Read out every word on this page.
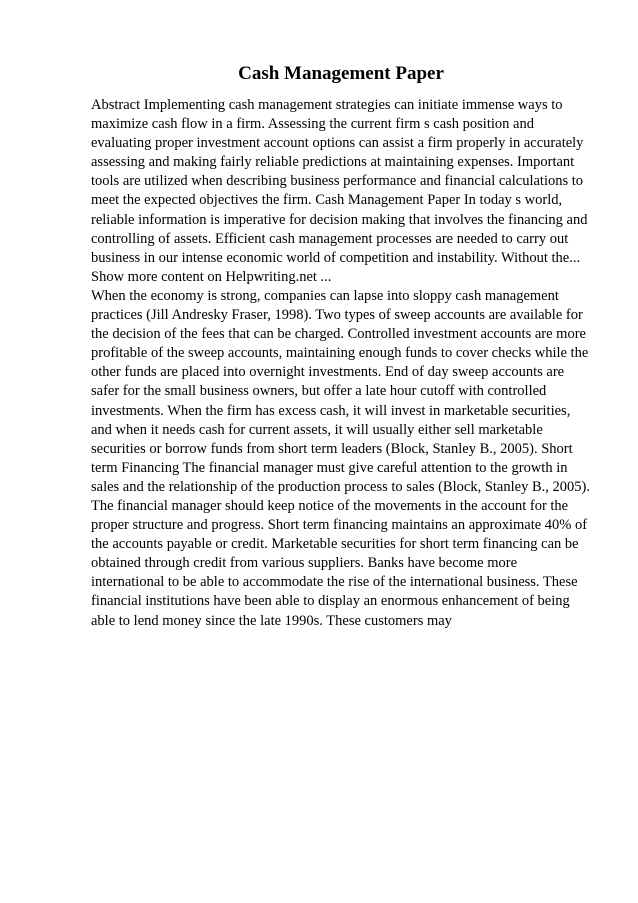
Cash Management Paper
Abstract Implementing cash management strategies can initiate immense ways to
maximize cash flow in a firm. Assessing the current firm s cash position and
evaluating proper investment account options can assist a firm properly in accurately
assessing and making fairly reliable predictions at maintaining expenses. Important
tools are utilized when describing business performance and financial calculations to
meet the expected objectives the firm. Cash Management Paper In today s world,
reliable information is imperative for decision making that involves the financing and
controlling of assets. Efficient cash management processes are needed to carry out
business in our intense economic world of competition and instability. Without the...
Show more content on Helpwriting.net ...
When the economy is strong, companies can lapse into sloppy cash management
practices (Jill Andresky Fraser, 1998). Two types of sweep accounts are available for
the decision of the fees that can be charged. Controlled investment accounts are more
profitable of the sweep accounts, maintaining enough funds to cover checks while the
other funds are placed into overnight investments. End of day sweep accounts are
safer for the small business owners, but offer a late hour cutoff with controlled
investments. When the firm has excess cash, it will invest in marketable securities,
and when it needs cash for current assets, it will usually either sell marketable
securities or borrow funds from short term leaders (Block, Stanley B., 2005). Short
term Financing The financial manager must give careful attention to the growth in
sales and the relationship of the production process to sales (Block, Stanley B., 2005).
The financial manager should keep notice of the movements in the account for the
proper structure and progress. Short term financing maintains an approximate 40% of
the accounts payable or credit. Marketable securities for short term financing can be
obtained through credit from various suppliers. Banks have become more
international to be able to accommodate the rise of the international business. These
financial institutions have been able to display an enormous enhancement of being
able to lend money since the late 1990s. These customers may
